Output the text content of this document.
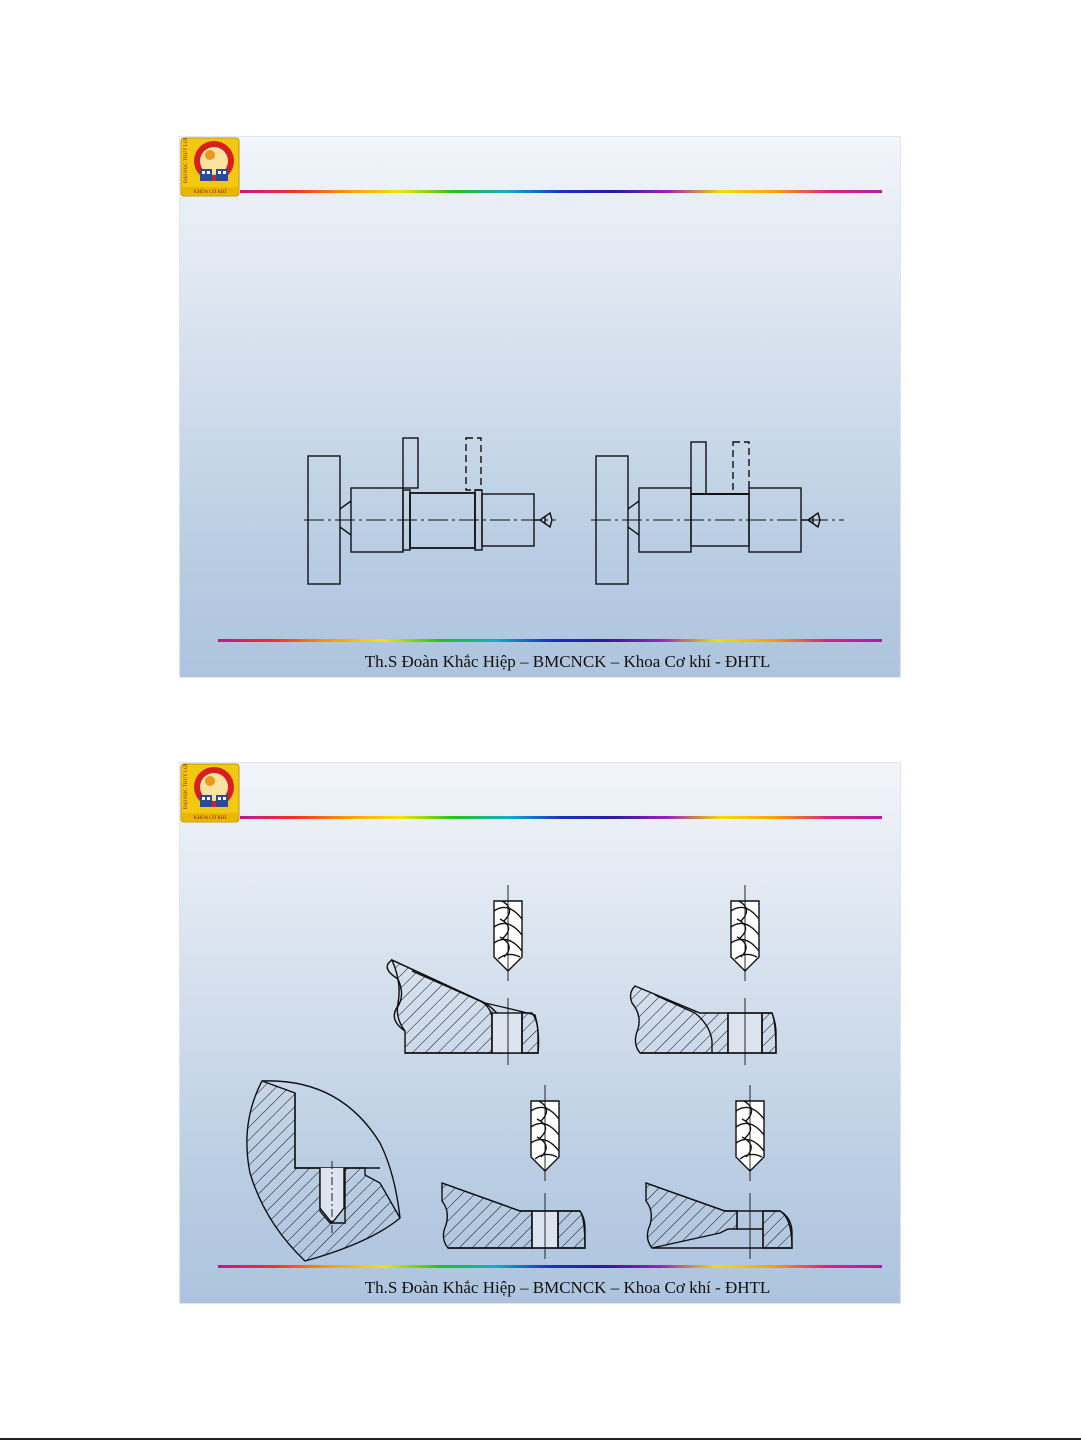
ĐẠI HỌC THUỶ LỢI
KHOA CƠ KHÍ
Th.S Đoàn Khắc Hiệp – BMCNCK – Khoa Cơ khí - ĐHTL
ĐẠI HỌC THUỶ LỢI
KHOA CƠ KHÍ
Th.S Đoàn Khắc Hiệp – BMCNCK – Khoa Cơ khí - ĐHTL
